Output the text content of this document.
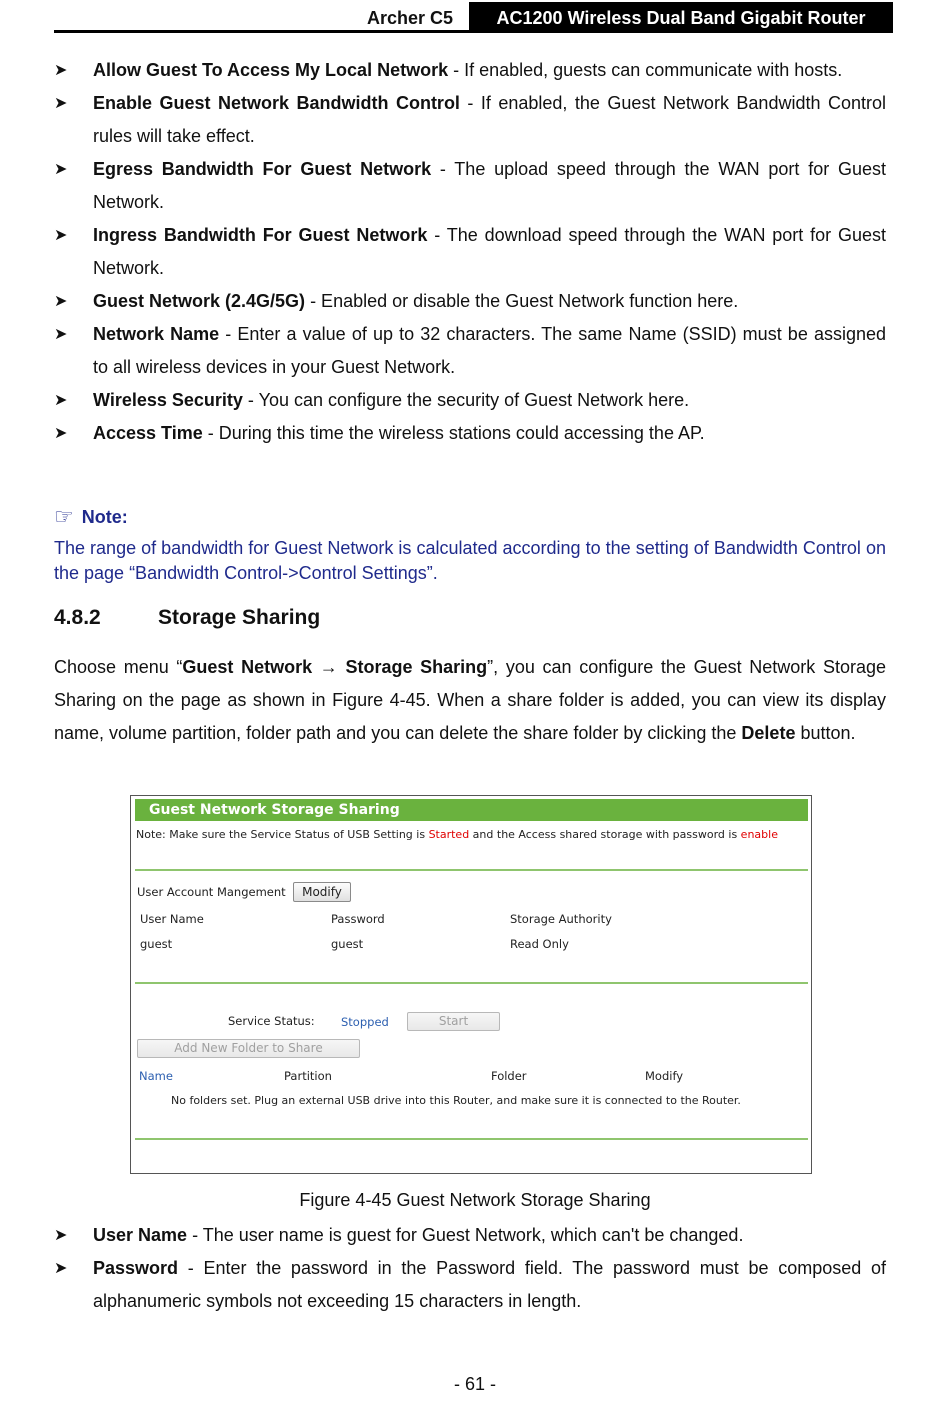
Archer C5	AC1200 Wireless Dual Band Gigabit Router

➤ Allow Guest To Access My Local Network - If enabled, guests can communicate with hosts.

➤ Enable Guest Network Bandwidth Control - If enabled, the Guest Network Bandwidth Control rules will take effect.

➤ Egress Bandwidth For Guest Network - The upload speed through the WAN port for Guest Network.

➤ Ingress Bandwidth For Guest Network - The download speed through the WAN port for Guest Network.

➤ Guest Network (2.4G/5G) - Enabled or disable the Guest Network function here.

➤ Network Name - Enter a value of up to 32 characters. The same Name (SSID) must be assigned to all wireless devices in your Guest Network.

➤ Wireless Security - You can configure the security of Guest Network here.

➤ Access Time - During this time the wireless stations could accessing the AP.

☞ Note:
The range of bandwidth for Guest Network is calculated according to the setting of Bandwidth Control on the page “Bandwidth Control->Control Settings”.
4.8.2	Storage Sharing
Choose menu “Guest Network → Storage Sharing”, you can configure the Guest Network Storage Sharing on the page as shown in Figure 4-45. When a share folder is added, you can view its display name, volume partition, folder path and you can delete the share folder by clicking the Delete button.
Guest Network Storage Sharing
Note: Make sure the Service Status of USB Setting is Started and the Access shared storage with password is enable
User Account Mangement	Modify
User Name	Password	Storage Authority
guest	guest	Read Only
Service Status: Stopped	Start
Add New Folder to Share
Name	Partition	Folder	Modify
No folders set. Plug an external USB drive into this Router, and make sure it is connected to the Router.
Figure 4-45 Guest Network Storage Sharing

➤ User Name - The user name is guest for Guest Network, which can't be changed.

➤ Password - Enter the password in the Password field. The password must be composed of alphanumeric symbols not exceeding 15 characters in length.

- 61 -
